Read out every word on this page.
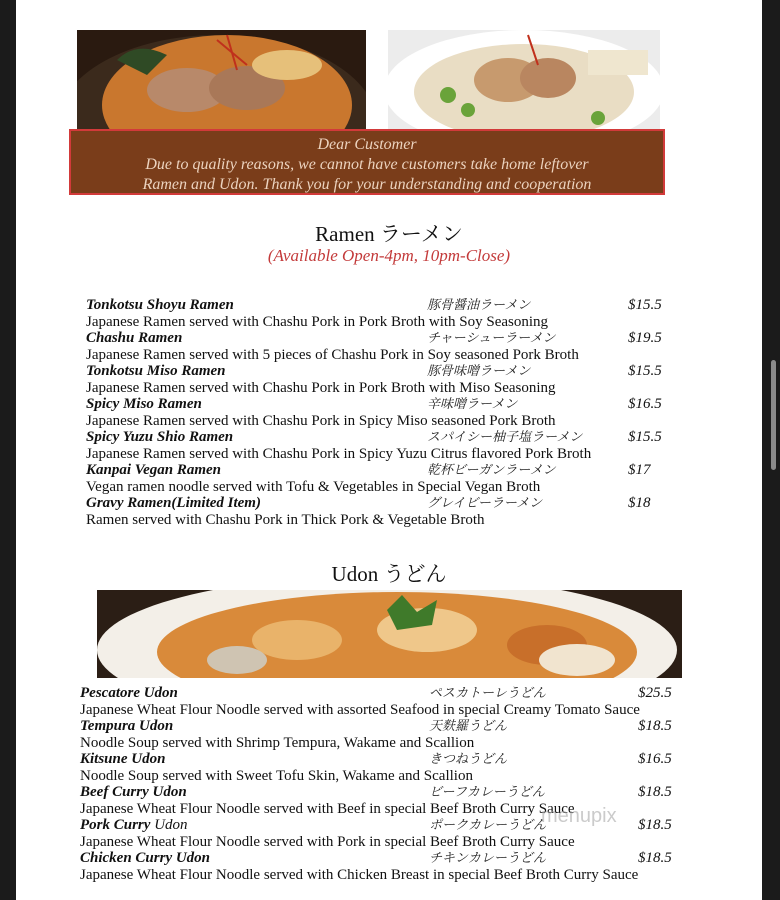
Dear Customer
Due to quality reasons, we cannot have customers take home leftover
Ramen and Udon. Thank you for your understanding and cooperation
Ramen ラーメン
(Available Open-4pm, 10pm-Close)
Tonkotsu Shoyu Ramen	豚骨醤油ラーメン	$15.5
Japanese Ramen served with Chashu Pork in Pork Broth with Soy Seasoning
Chashu Ramen	チャーシューラーメン	$19.5
Japanese Ramen served with 5 pieces of Chashu Pork in Soy seasoned Pork Broth
Tonkotsu Miso Ramen	豚骨味噌ラーメン	$15.5
Japanese Ramen served with Chashu Pork in Pork Broth with Miso Seasoning
Spicy Miso Ramen	辛味噌ラーメン	$16.5
Japanese Ramen served with Chashu Pork in Spicy Miso seasoned Pork Broth
Spicy Yuzu Shio Ramen	スパイシー柚子塩ラーメン	$15.5
Japanese Ramen served with Chashu Pork in Spicy Yuzu Citrus flavored Pork Broth
Kanpai Vegan Ramen	乾杯ビーガンラーメン	$17
Vegan ramen noodle served with Tofu & Vegetables in Special Vegan Broth
Gravy Ramen(Limited Item)	グレイビーラーメン	$18
Ramen served with Chashu Pork in Thick Pork & Vegetable Broth
Udon うどん
Pescatore Udon	ペスカトーレうどん	$25.5
Japanese Wheat Flour Noodle served with assorted Seafood in special Creamy Tomato Sauce
Tempura Udon	天麩羅うどん	$18.5
Noodle Soup served with Shrimp Tempura, Wakame and Scallion
Kitsune Udon	きつねうどん	$16.5
Noodle Soup served with Sweet Tofu Skin, Wakame and Scallion
Beef Curry Udon	ビーフカレーうどん	$18.5
Japanese Wheat Flour Noodle served with Beef in special Beef Broth Curry Sauce
Pork Curry Udon	ポークカレーうどん	$18.5
Japanese Wheat Flour Noodle served with Pork in special Beef Broth Curry Sauce
Chicken Curry Udon	チキンカレーうどん	$18.5
Japanese Wheat Flour Noodle served with Chicken Breast in special Beef Broth Curry Sauce
menupix
